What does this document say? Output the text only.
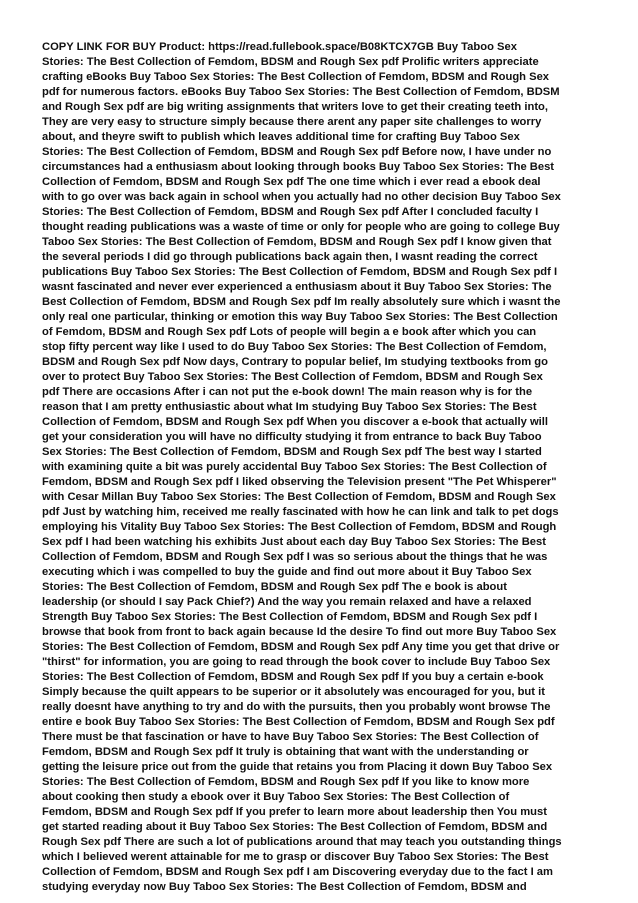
COPY LINK FOR BUY Product: https://read.fullebook.space/B08KTCX7GB Buy Taboo Sex
Stories: The Best Collection of Femdom, BDSM and Rough Sex pdf Prolific writers appreciate
crafting eBooks Buy Taboo Sex Stories: The Best Collection of Femdom, BDSM and Rough Sex
pdf for numerous factors. eBooks Buy Taboo Sex Stories: The Best Collection of Femdom, BDSM
and Rough Sex pdf are big writing assignments that writers love to get their creating teeth into,
They are very easy to structure simply because there arent any paper site challenges to worry
about, and theyre swift to publish which leaves additional time for crafting Buy Taboo Sex
Stories: The Best Collection of Femdom, BDSM and Rough Sex pdf Before now, I have under no
circumstances had a enthusiasm about looking through books Buy Taboo Sex Stories: The Best
Collection of Femdom, BDSM and Rough Sex pdf The one time which i ever read a ebook deal
with to go over was back again in school when you actually had no other decision Buy Taboo Sex
Stories: The Best Collection of Femdom, BDSM and Rough Sex pdf After I concluded faculty I
thought reading publications was a waste of time or only for people who are going to college Buy
Taboo Sex Stories: The Best Collection of Femdom, BDSM and Rough Sex pdf I know given that
the several periods I did go through publications back again then, I wasnt reading the correct
publications Buy Taboo Sex Stories: The Best Collection of Femdom, BDSM and Rough Sex pdf I
wasnt fascinated and never ever experienced a enthusiasm about it Buy Taboo Sex Stories: The
Best Collection of Femdom, BDSM and Rough Sex pdf Im really absolutely sure which i wasnt the
only real one particular, thinking or emotion this way Buy Taboo Sex Stories: The Best Collection
of Femdom, BDSM and Rough Sex pdf Lots of people will begin a e book after which you can
stop fifty percent way like I used to do Buy Taboo Sex Stories: The Best Collection of Femdom,
BDSM and Rough Sex pdf Now days, Contrary to popular belief, Im studying textbooks from go
over to protect Buy Taboo Sex Stories: The Best Collection of Femdom, BDSM and Rough Sex
pdf There are occasions After i can not put the e-book down! The main reason why is for the
reason that I am pretty enthusiastic about what Im studying Buy Taboo Sex Stories: The Best
Collection of Femdom, BDSM and Rough Sex pdf When you discover a e-book that actually will
get your consideration you will have no difficulty studying it from entrance to back Buy Taboo
Sex Stories: The Best Collection of Femdom, BDSM and Rough Sex pdf The best way I started
with examining quite a bit was purely accidental Buy Taboo Sex Stories: The Best Collection of
Femdom, BDSM and Rough Sex pdf I liked observing the Television present "The Pet Whisperer"
with Cesar Millan Buy Taboo Sex Stories: The Best Collection of Femdom, BDSM and Rough Sex
pdf Just by watching him, received me really fascinated with how he can link and talk to pet dogs
employing his Vitality Buy Taboo Sex Stories: The Best Collection of Femdom, BDSM and Rough
Sex pdf I had been watching his exhibits Just about each day Buy Taboo Sex Stories: The Best
Collection of Femdom, BDSM and Rough Sex pdf I was so serious about the things that he was
executing which i was compelled to buy the guide and find out more about it Buy Taboo Sex
Stories: The Best Collection of Femdom, BDSM and Rough Sex pdf The e book is about
leadership (or should I say Pack Chief?) And the way you remain relaxed and have a relaxed
Strength Buy Taboo Sex Stories: The Best Collection of Femdom, BDSM and Rough Sex pdf I
browse that book from front to back again because Id the desire To find out more Buy Taboo Sex
Stories: The Best Collection of Femdom, BDSM and Rough Sex pdf Any time you get that drive or
"thirst" for information, you are going to read through the book cover to include Buy Taboo Sex
Stories: The Best Collection of Femdom, BDSM and Rough Sex pdf If you buy a certain e-book
Simply because the quilt appears to be superior or it absolutely was encouraged for you, but it
really doesnt have anything to try and do with the pursuits, then you probably wont browse The
entire e book Buy Taboo Sex Stories: The Best Collection of Femdom, BDSM and Rough Sex pdf
There must be that fascination or have to have Buy Taboo Sex Stories: The Best Collection of
Femdom, BDSM and Rough Sex pdf It truly is obtaining that want with the understanding or
getting the leisure price out from the guide that retains you from Placing it down Buy Taboo Sex
Stories: The Best Collection of Femdom, BDSM and Rough Sex pdf If you like to know more
about cooking then study a ebook over it Buy Taboo Sex Stories: The Best Collection of
Femdom, BDSM and Rough Sex pdf If you prefer to learn more about leadership then You must
get started reading about it Buy Taboo Sex Stories: The Best Collection of Femdom, BDSM and
Rough Sex pdf There are such a lot of publications around that may teach you outstanding things
which I believed werent attainable for me to grasp or discover Buy Taboo Sex Stories: The Best
Collection of Femdom, BDSM and Rough Sex pdf I am Discovering everyday due to the fact I am
studying everyday now Buy Taboo Sex Stories: The Best Collection of Femdom, BDSM and
